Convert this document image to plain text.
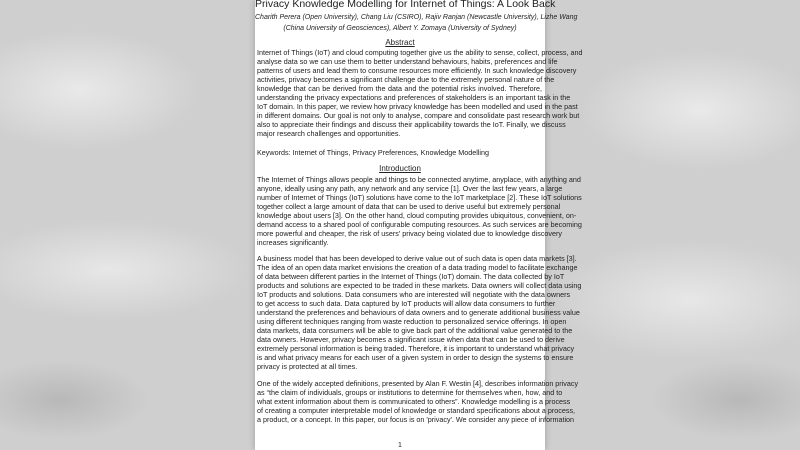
Privacy Knowledge Modelling for Internet of Things: A Look Back
Charith Perera (Open University), Chang Liu (CSIRO), Rajiv Ranjan (Newcastle University), Lizhe Wang
(China University of Geosciences), Albert Y. Zomaya (University of Sydney)
Abstract
Internet of Things (IoT) and cloud computing together give us the ability to sense, collect, process, and
analyse data so we can use them to better understand behaviours, habits, preferences and life
patterns of users and lead them to consume resources more efficiently. In such knowledge discovery
activities, privacy becomes a significant challenge due to the extremely personal nature of the
knowledge that can be derived from the data and the potential risks involved. Therefore,
understanding the privacy expectations and preferences of stakeholders is an important task in the
IoT domain. In this paper, we review how privacy knowledge has been modelled and used in the past
in different domains. Our goal is not only to analyse, compare and consolidate past research work but
also to appreciate their findings and discuss their applicability towards the IoT. Finally, we discuss
major research challenges and opportunities.
Keywords: Internet of Things, Privacy Preferences, Knowledge Modelling
Introduction
The Internet of Things allows people and things to be connected anytime, anyplace, with anything and
anyone, ideally using any path, any network and any service [1]. Over the last few years, a large
number of Internet of Things (IoT) solutions have come to the IoT marketplace [2]. These IoT solutions
together collect a large amount of data that can be used to derive useful but extremely personal
knowledge about users [3]. On the other hand, cloud computing provides ubiquitous, convenient, on-
demand access to a shared pool of configurable computing resources. As such services are becoming
more powerful and cheaper, the risk of users' privacy being violated due to knowledge discovery
increases significantly.
A business model that has been developed to derive value out of such data is open data markets [3].
The idea of an open data market envisions the creation of a data trading model to facilitate exchange
of data between different parties in the Internet of Things (IoT) domain. The data collected by IoT
products and solutions are expected to be traded in these markets. Data owners will collect data using
IoT products and solutions. Data consumers who are interested will negotiate with the data owners
to get access to such data. Data captured by IoT products will allow data consumers to further
understand the preferences and behaviours of data owners and to generate additional business value
using different techniques ranging from waste reduction to personalized service offerings. In open
data markets, data consumers will be able to give back part of the additional value generated to the
data owners. However, privacy becomes a significant issue when data that can be used to derive
extremely personal information is being traded. Therefore, it is important to understand what privacy
is and what privacy means for each user of a given system in order to design the systems to ensure
privacy is protected at all times.
One of the widely accepted definitions, presented by Alan F. Westin [4], describes information privacy
as “the claim of individuals, groups or institutions to determine for themselves when, how, and to
what extent information about them is communicated to others”. Knowledge modelling is a process
of creating a computer interpretable model of knowledge or standard specifications about a process,
a product, or a concept. In this paper, our focus is on 'privacy'. We consider any piece of information
1
